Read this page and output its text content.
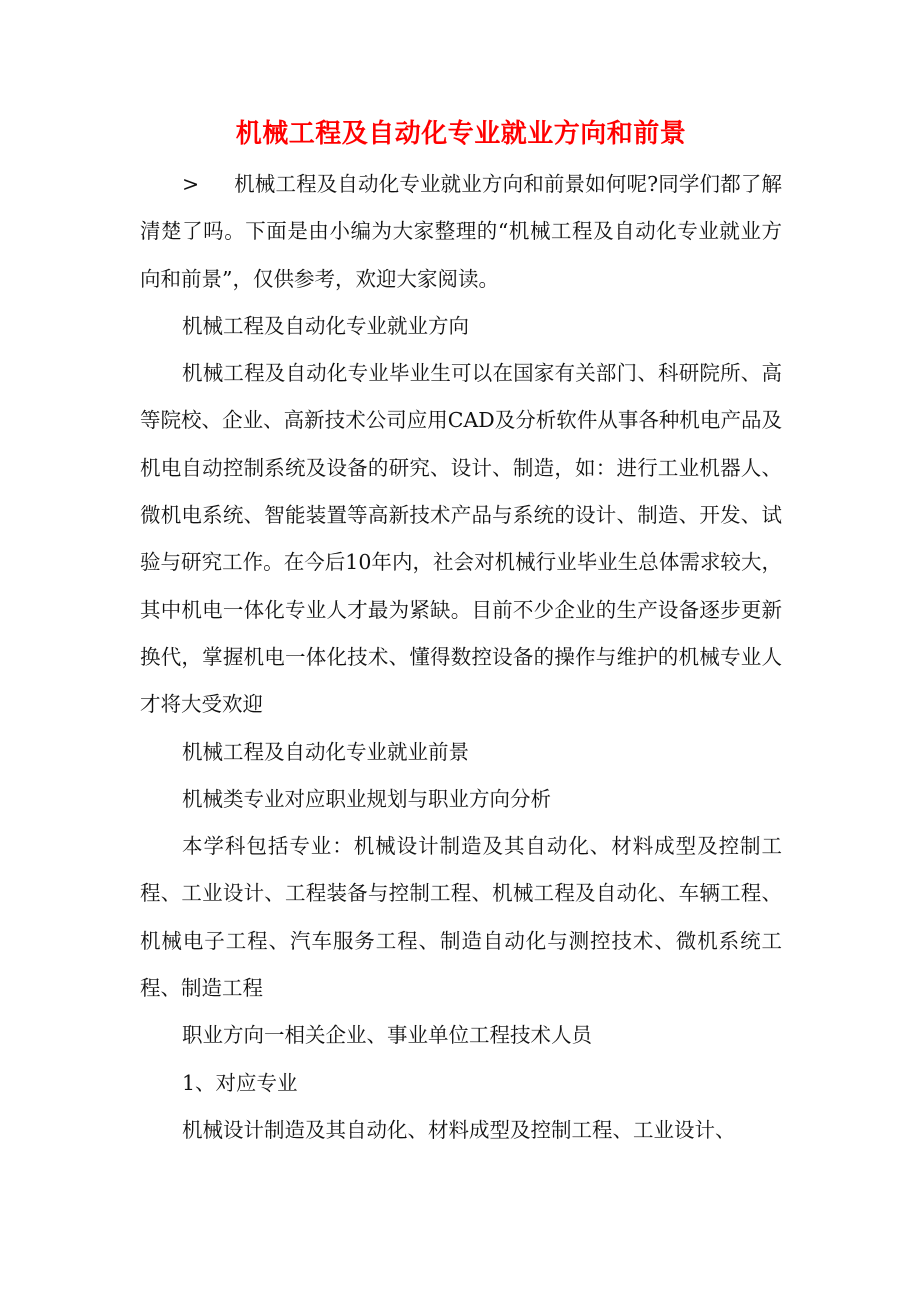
机械工程及自动化专业就业方向和前景

> 机械工程及自动化专业就业方向和前景如何呢?同学们都了解清楚了吗。下面是由小编为大家整理的“机械工程及自动化专业就业方向和前景”，仅供参考，欢迎大家阅读。

机械工程及自动化专业就业方向

机械工程及自动化专业毕业生可以在国家有关部门、科研院所、高等院校、企业、高新技术公司应用CAD及分析软件从事各种机电产品及机电自动控制系统及设备的研究、设计、制造，如：进行工业机器人、微机电系统、智能装置等高新技术产品与系统的设计、制造、开发、试验与研究工作。在今后10年内，社会对机械行业毕业生总体需求较大，其中机电一体化专业人才最为紧缺。目前不少企业的生产设备逐步更新换代，掌握机电一体化技术、懂得数控设备的操作与维护的机械专业人才将大受欢迎

机械工程及自动化专业就业前景

机械类专业对应职业规划与职业方向分析

本学科包括专业：机械设计制造及其自动化、材料成型及控制工程、工业设计、工程装备与控制工程、机械工程及自动化、车辆工程、机械电子工程、汽车服务工程、制造自动化与测控技术、微机系统工程、制造工程

职业方向一相关企业、事业单位工程技术人员

1、对应专业

机械设计制造及其自动化、材料成型及控制工程、工业设计、
